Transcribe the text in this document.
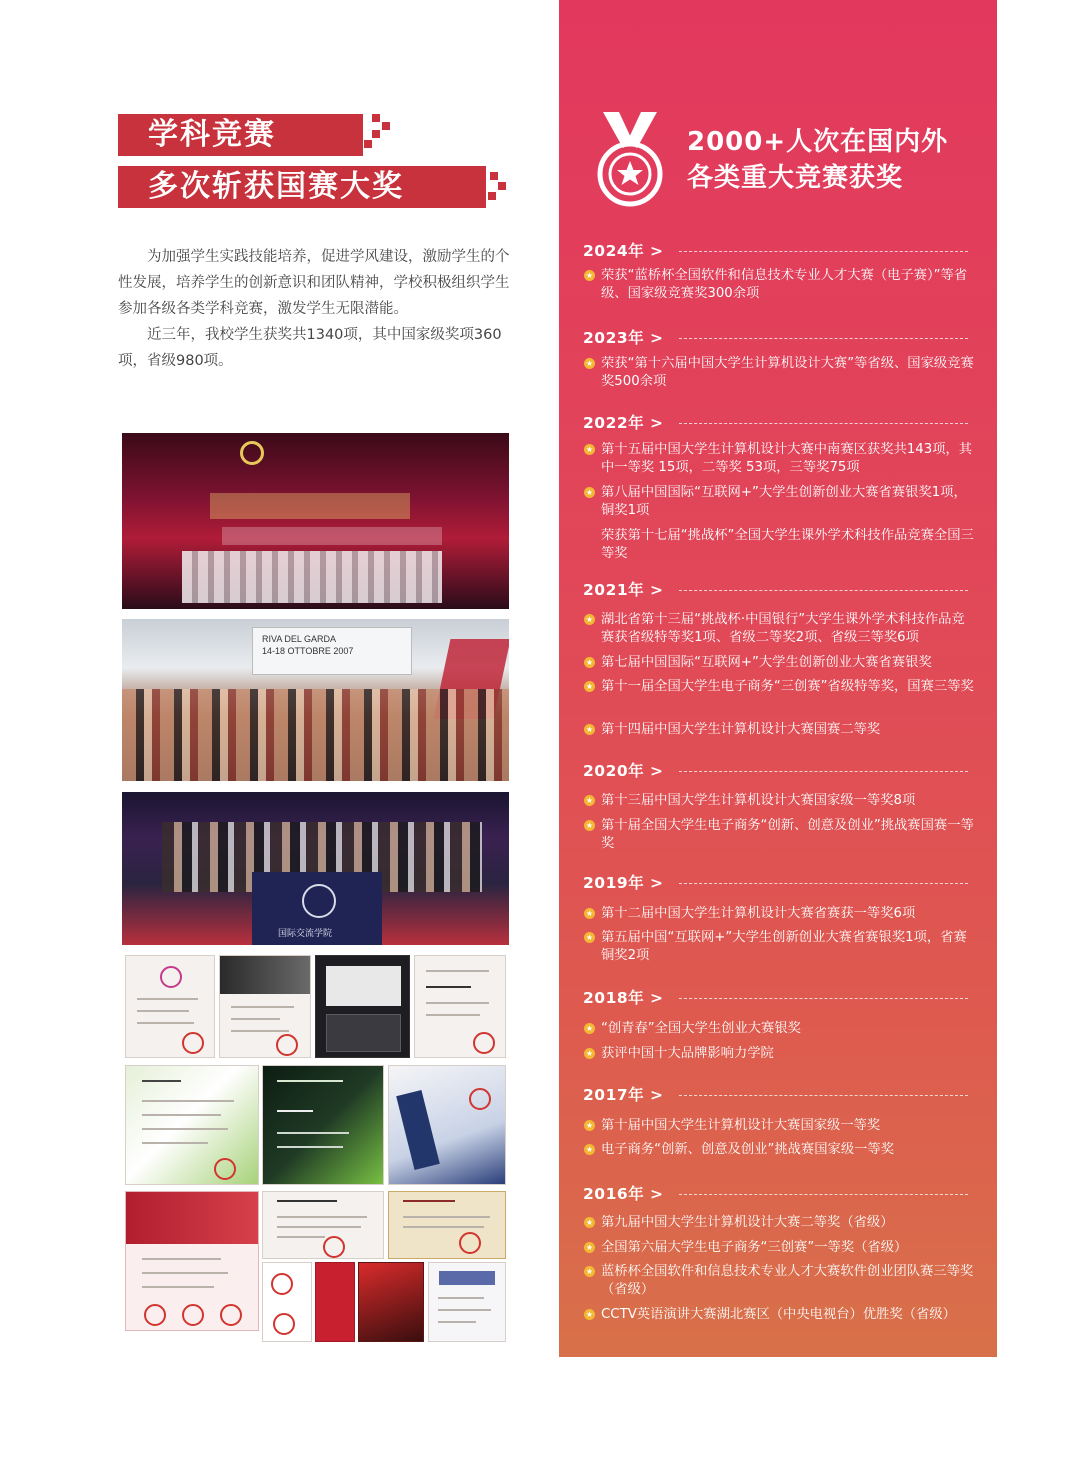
学科竞赛
多次斩获国赛大奖

为加强学生实践技能培养，促进学风建设，激励学生的个性发展，培养学生的创新意识和团队精神，学校积极组织学生参加各级各类学科竞赛，激发学生无限潜能。

近三年，我校学生获奖共1340项，其中国家级奖项360项，省级980项。

RIVA DEL GARDA
14-18 OTTOBRE 2007
国际交流学院
2000+人次在国内外
各类重大竞赛获奖
2024年 >
★ 荣获“蓝桥杯全国软件和信息技术专业人才大赛（电子赛）”等省级、国家级竞赛奖300余项
2023年 >
★ 荣获“第十六届中国大学生计算机设计大赛”等省级、国家级竞赛奖500余项
2022年 >
★ 第十五届中国大学生计算机设计大赛中南赛区获奖共143项，其中一等奖 15项，二等奖 53项，三等奖75项
★ 第八届中国国际“互联网+”大学生创新创业大赛省赛银奖1项，铜奖1项
荣获第十七届“挑战杯”全国大学生课外学术科技作品竞赛全国三等奖
2021年 >
★ 湖北省第十三届“挑战杯·中国银行”大学生课外学术科技作品竞赛获省级特等奖1项、省级二等奖2项、省级三等奖6项
★ 第七届中国国际“互联网+”大学生创新创业大赛省赛银奖
★ 第十一届全国大学生电子商务“三创赛”省级特等奖，国赛三等奖
★ 第十四届中国大学生计算机设计大赛国赛二等奖
2020年 >
★ 第十三届中国大学生计算机设计大赛国家级一等奖8项
★ 第十届全国大学生电子商务“创新、创意及创业”挑战赛国赛一等奖
2019年 >
★ 第十二届中国大学生计算机设计大赛省赛获一等奖6项
★ 第五届中国“互联网+”大学生创新创业大赛省赛银奖1项，省赛铜奖2项
2018年 >
★ “创青春”全国大学生创业大赛银奖
★ 获评中国十大品牌影响力学院
2017年 >
★ 第十届中国大学生计算机设计大赛国家级一等奖
★ 电子商务“创新、创意及创业”挑战赛国家级一等奖
2016年 >
★ 第九届中国大学生计算机设计大赛二等奖（省级）
★ 全国第六届大学生电子商务“三创赛”一等奖（省级）
★ 蓝桥杯全国软件和信息技术专业人才大赛软件创业团队赛三等奖（省级）
★ CCTV英语演讲大赛湖北赛区（中央电视台）优胜奖（省级）
